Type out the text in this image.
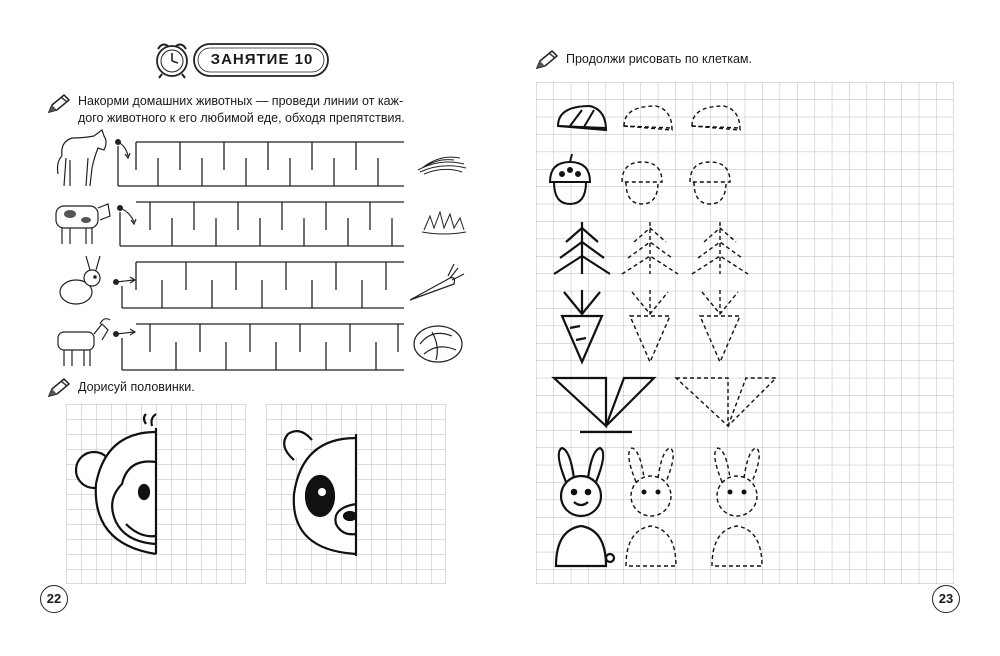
ЗАНЯТИЕ 10
Накорми домашних животных — проведи линии от каж-
дого животного к его любимой еде, обходя препятствия.
Дорисуй половинки.
22
Продолжи рисовать по клеткам.
23
